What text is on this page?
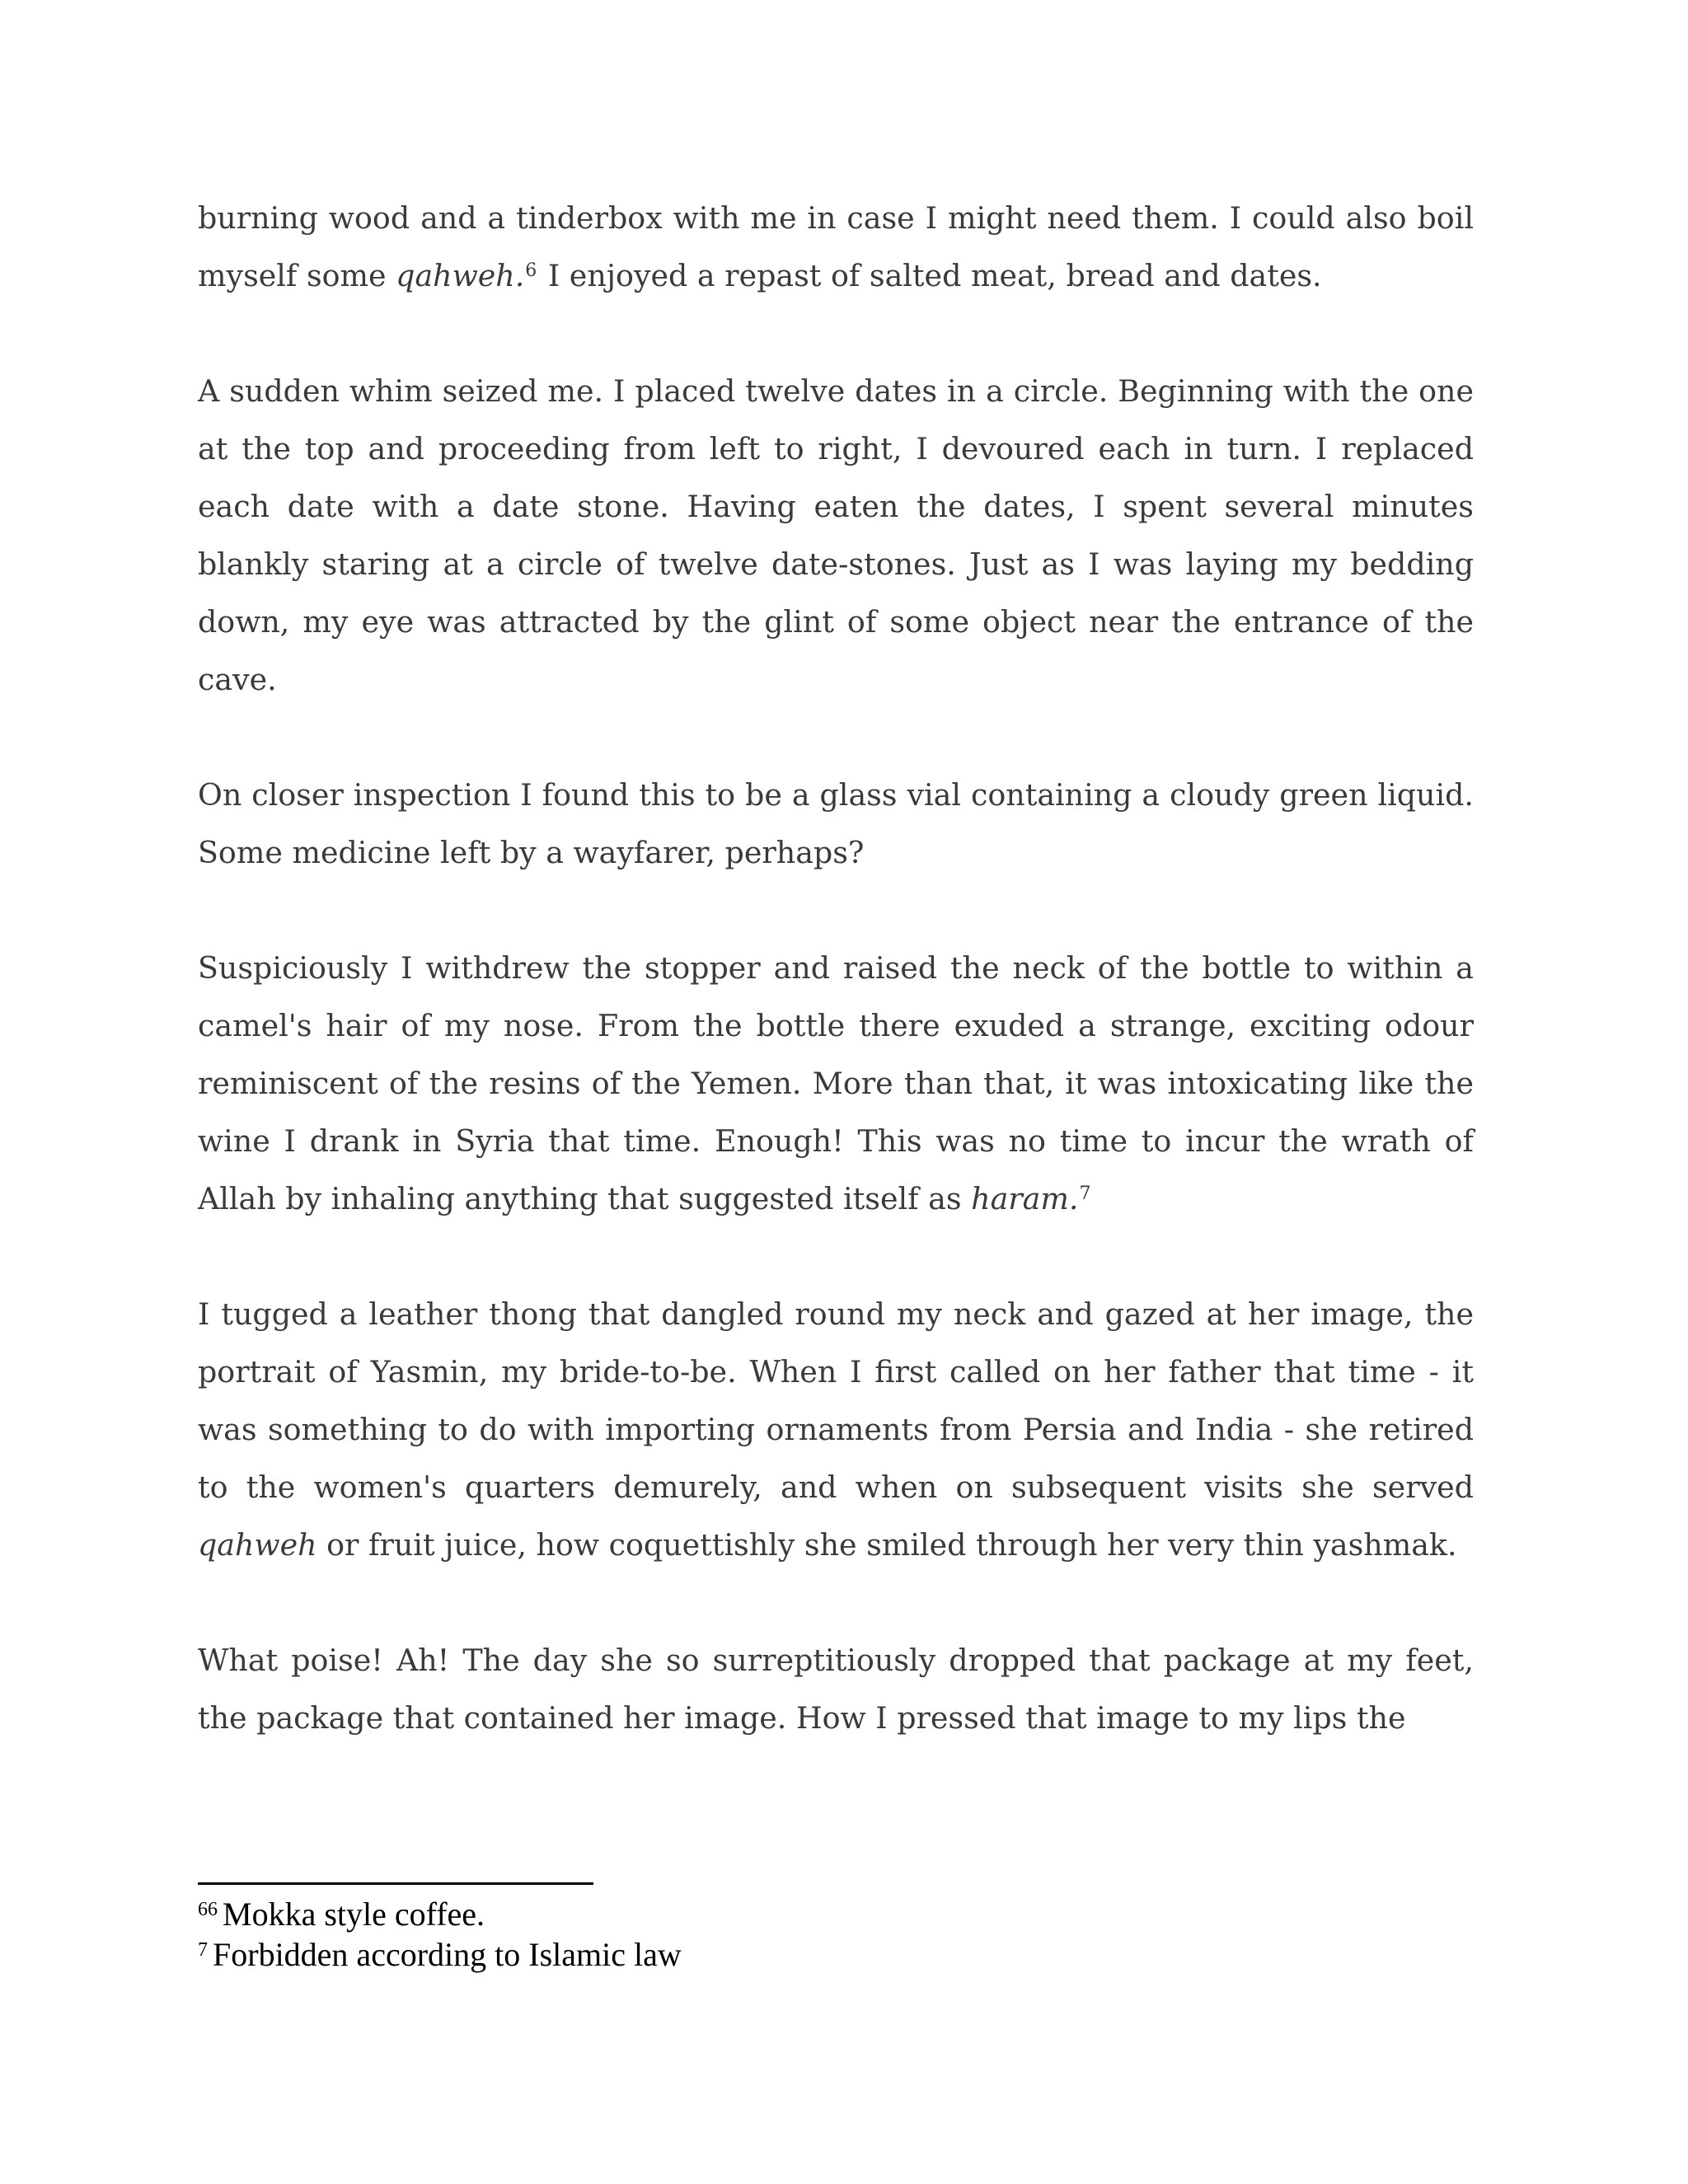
burning wood and a tinderbox with me in case I might need them. I could also boil myself some qahweh.$^6$ I enjoyed a repast of salted meat, bread and dates.

A sudden whim seized me. I placed twelve dates in a circle. Beginning with the one at the top and proceeding from left to right, I devoured each in turn. I replaced each date with a date stone. Having eaten the dates, I spent several minutes blankly staring at a circle of twelve date-stones. Just as I was laying my bedding down, my eye was attracted by the glint of some object near the entrance of the cave.

On closer inspection I found this to be a glass vial containing a cloudy green liquid. Some medicine left by a wayfarer, perhaps?

Suspiciously I withdrew the stopper and raised the neck of the bottle to within a camel's hair of my nose. From the bottle there exuded a strange, exciting odour reminiscent of the resins of the Yemen. More than that, it was intoxicating like the wine I drank in Syria that time. Enough! This was no time to incur the wrath of Allah by inhaling anything that suggested itself as haram.$^7$

I tugged a leather thong that dangled round my neck and gazed at her image, the portrait of Yasmin, my bride-to-be. When I first called on her father that time - it was something to do with importing ornaments from Persia and India - she retired to the women's quarters demurely, and when on subsequent visits she served qahweh or fruit juice, how coquettishly she smiled through her very thin yashmak.

What poise! Ah! The day she so surreptitiously dropped that package at my feet, the package that contained her image. How I pressed that image to my lips the

$^{66}$ Mokka style coffee.

$^7$ Forbidden according to Islamic law
